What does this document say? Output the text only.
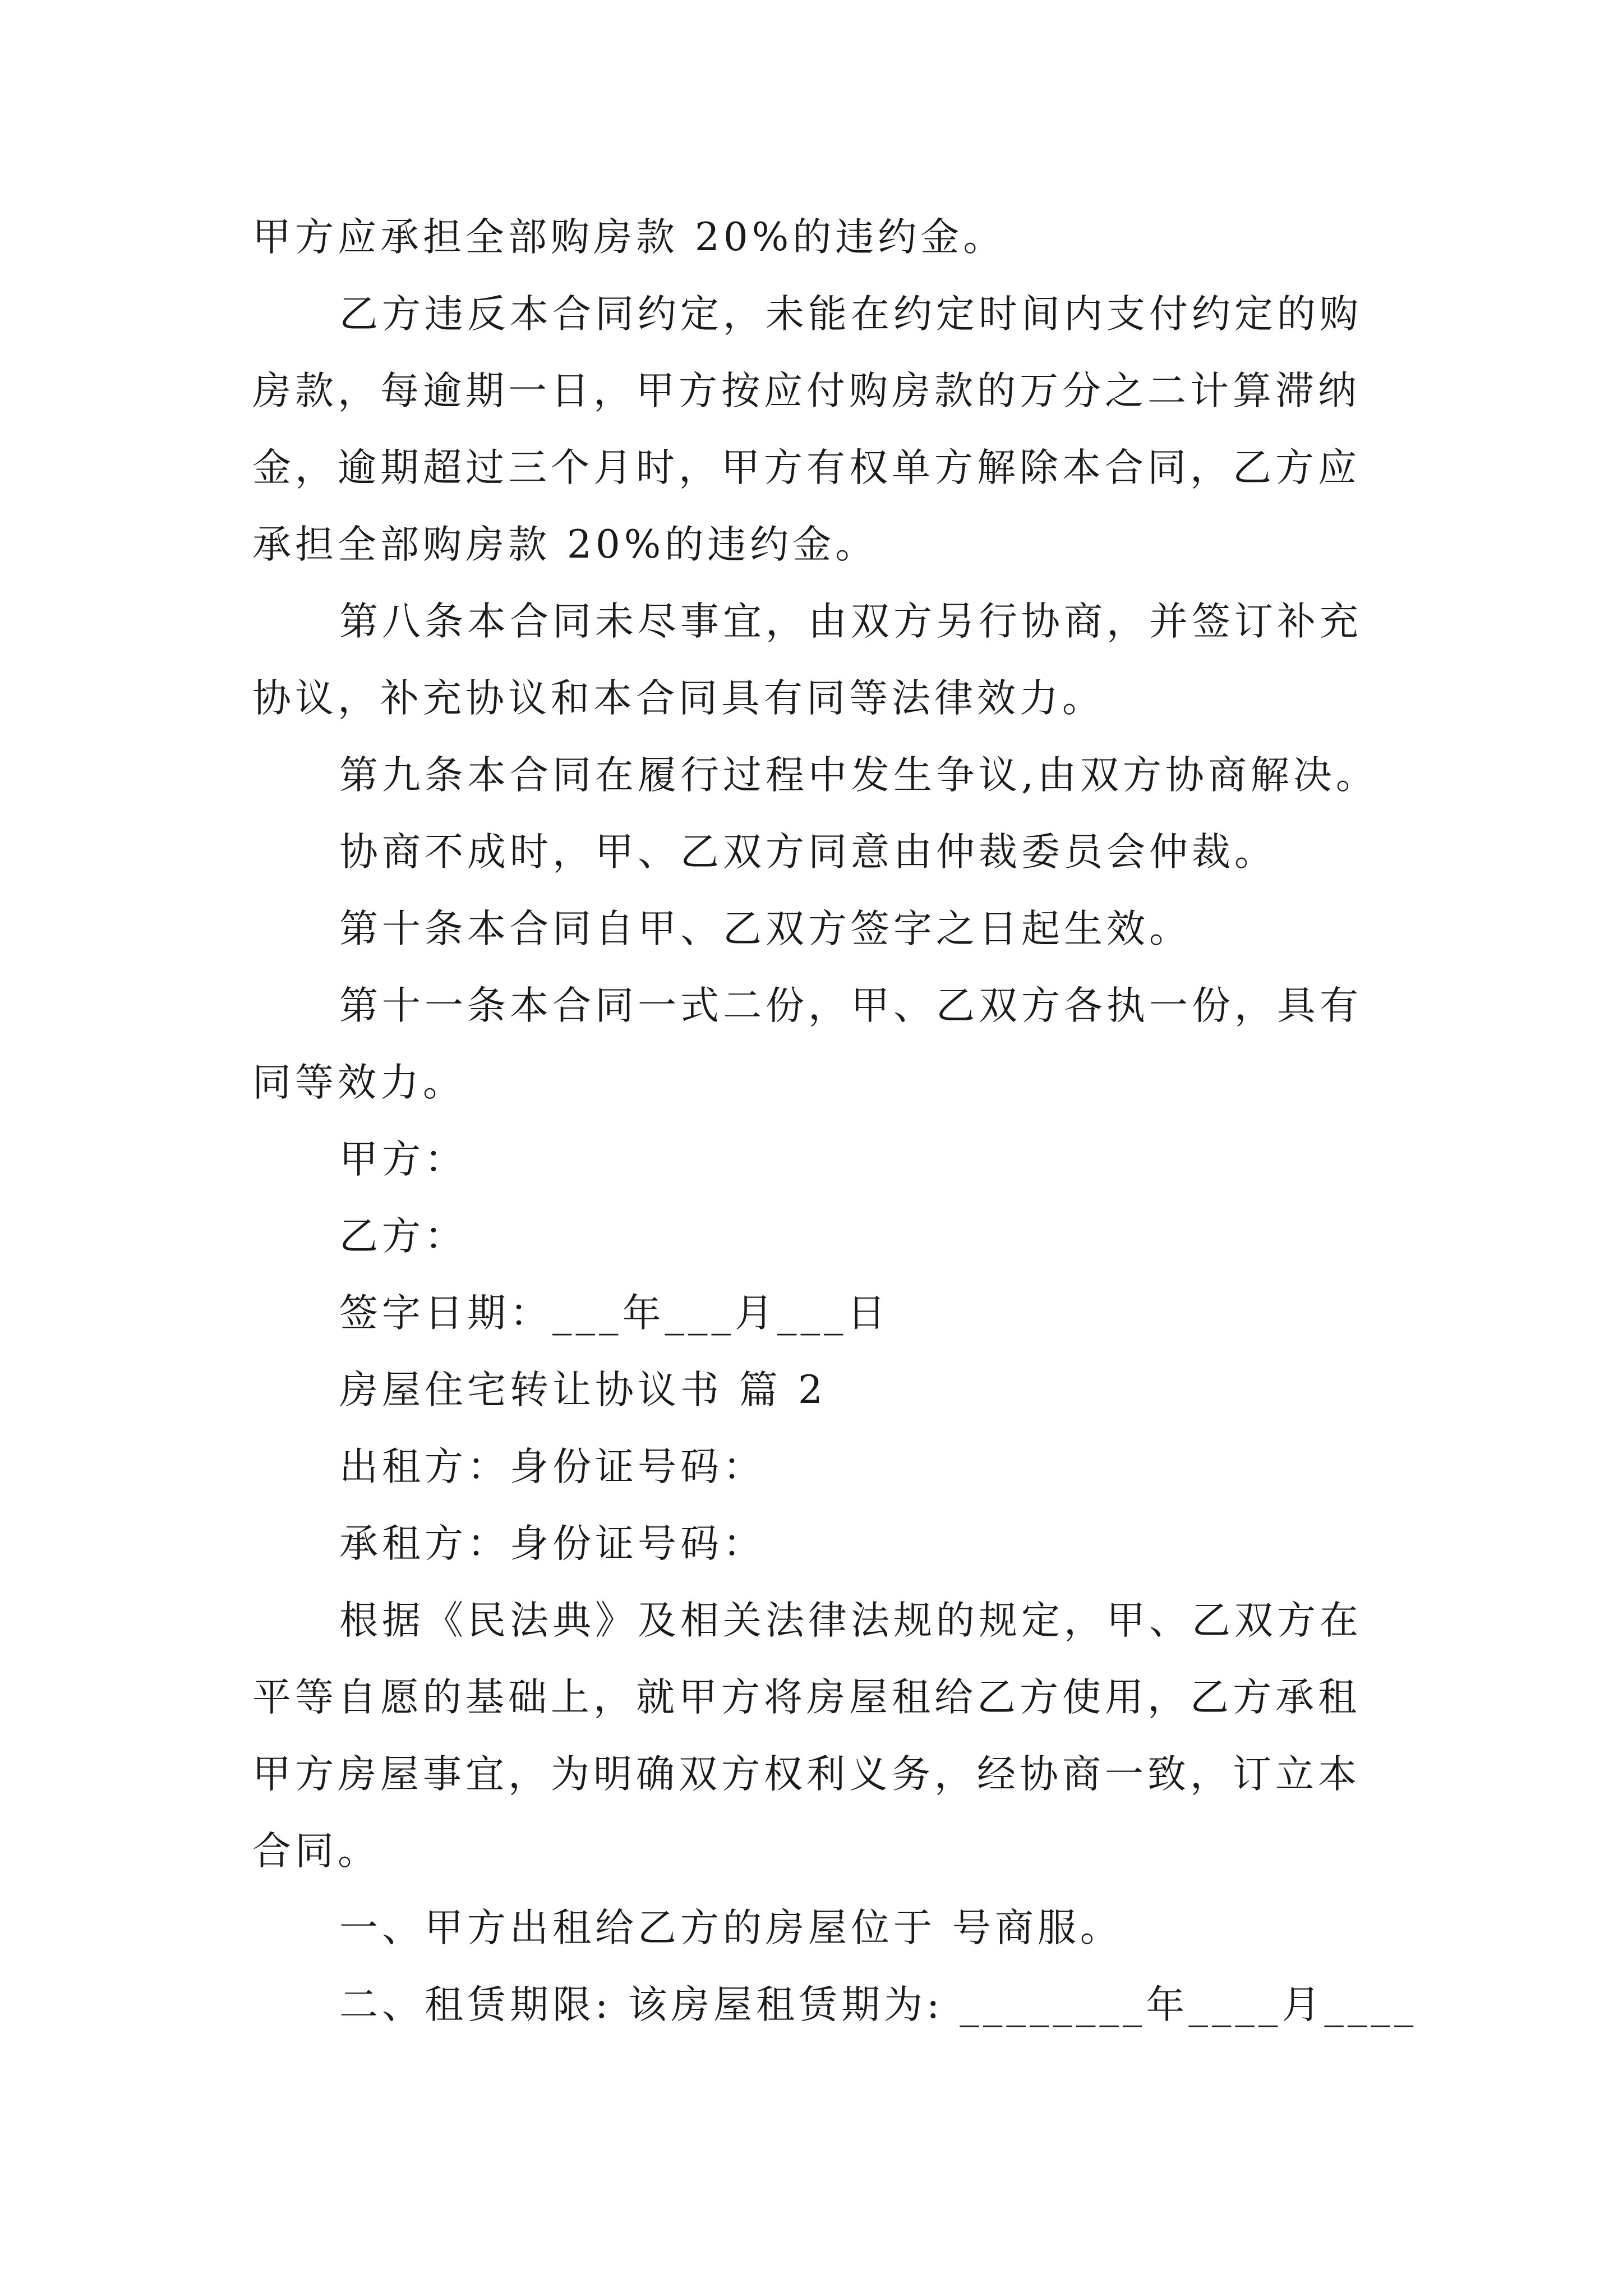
甲方应承担全部购房款 20%的违约金。
乙方违反本合同约定，未能在约定时间内支付约定的购
房款，每逾期一日，甲方按应付购房款的万分之二计算滞纳
金，逾期超过三个月时，甲方有权单方解除本合同，乙方应
承担全部购房款 20%的违约金。
第八条本合同未尽事宜，由双方另行协商，并签订补充
协议，补充协议和本合同具有同等法律效力。
第九条本合同在履行过程中发生争议,由双方协商解决。
协商不成时，甲、乙双方同意由仲裁委员会仲裁。
第十条本合同自甲、乙双方签字之日起生效。
第十一条本合同一式二份，甲、乙双方各执一份，具有
同等效力。
甲方：
乙方：
签字日期：___年___月___日
房屋住宅转让协议书 篇 2
出租方：身份证号码：
承租方：身份证号码：
根据《民法典》及相关法律法规的规定，甲、乙双方在
平等自愿的基础上，就甲方将房屋租给乙方使用，乙方承租
甲方房屋事宜，为明确双方权利义务，经协商一致，订立本
合同。
一、甲方出租给乙方的房屋位于 号商服。
二、租赁期限: 该房屋租赁期为: ________年____月____
